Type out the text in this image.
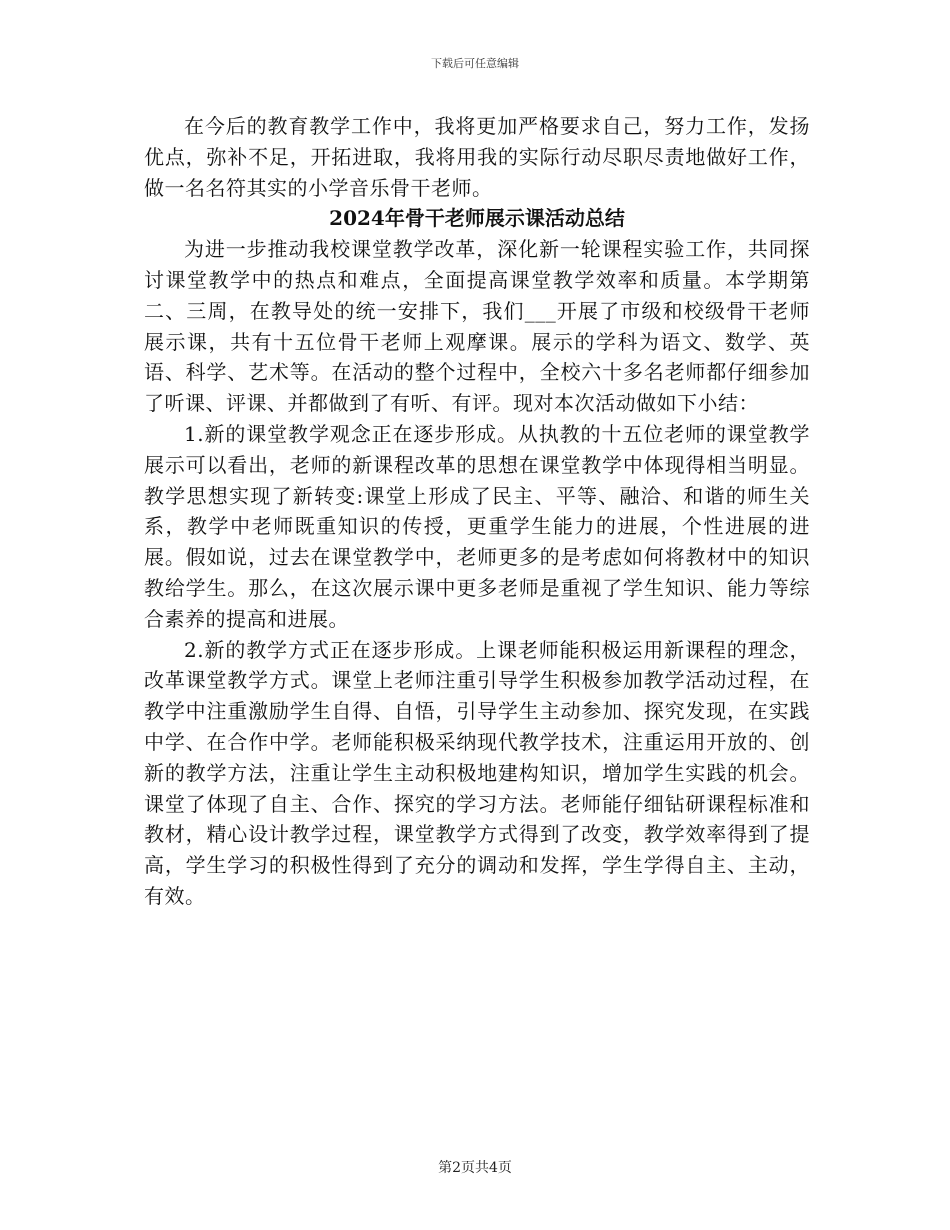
下载后可任意编辑

在今后的教育教学工作中，我将更加严格要求自己，努力工作，发扬优点，弥补不足，开拓进取，我将用我的实际行动尽职尽责地做好工作，做一名名符其实的小学音乐骨干老师。

2024年骨干老师展示课活动总结

为进一步推动我校课堂教学改革，深化新一轮课程实验工作，共同探讨课堂教学中的热点和难点，全面提高课堂教学效率和质量。本学期第二、三周，在教导处的统一安排下，我们___开展了市级和校级骨干老师展示课，共有十五位骨干老师上观摩课。展示的学科为语文、数学、英语、科学、艺术等。在活动的整个过程中，全校六十多名老师都仔细参加了听课、评课、并都做到了有听、有评。现对本次活动做如下小结：

1.新的课堂教学观念正在逐步形成。从执教的十五位老师的课堂教学展示可以看出，老师的新课程改革的思想在课堂教学中体现得相当明显。教学思想实现了新转变:课堂上形成了民主、平等、融洽、和谐的师生关系，教学中老师既重知识的传授，更重学生能力的进展，个性进展的进展。假如说，过去在课堂教学中，老师更多的是考虑如何将教材中的知识教给学生。那么，在这次展示课中更多老师是重视了学生知识、能力等综合素养的提高和进展。

2.新的教学方式正在逐步形成。上课老师能积极运用新课程的理念，改革课堂教学方式。课堂上老师注重引导学生积极参加教学活动过程，在教学中注重激励学生自得、自悟，引导学生主动参加、探究发现，在实践中学、在合作中学。老师能积极采纳现代教学技术，注重运用开放的、创新的教学方法，注重让学生主动积极地建构知识，增加学生实践的机会。课堂了体现了自主、合作、探究的学习方法。老师能仔细钻研课程标准和教材，精心设计教学过程，课堂教学方式得到了改变，教学效率得到了提高，学生学习的积极性得到了充分的调动和发挥，学生学得自主、主动，有效。

第2页共4页
